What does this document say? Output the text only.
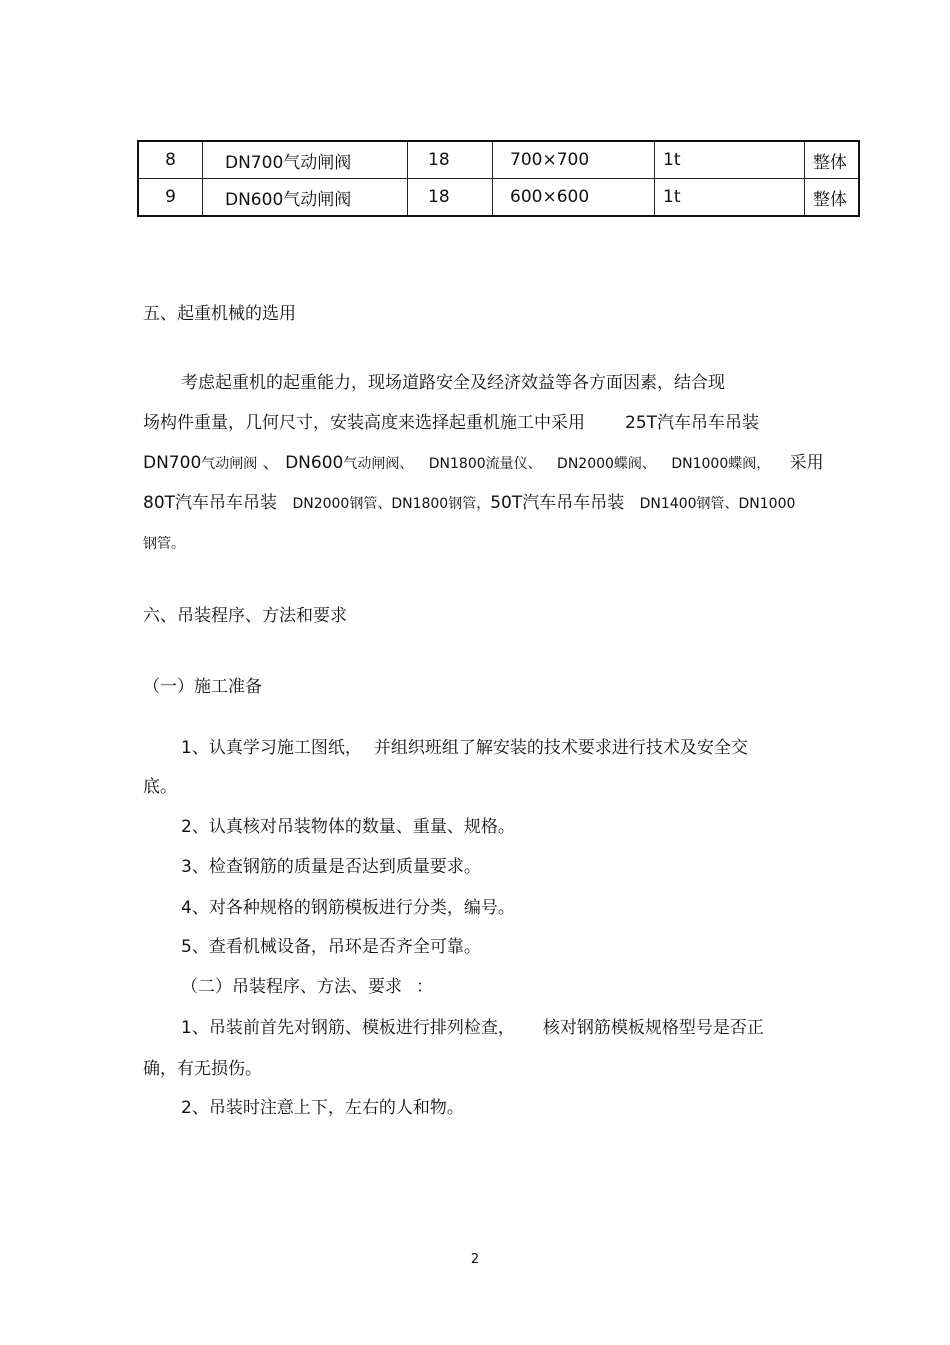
8	DN700气动闸阀	18	700×700	1t	整体
9	DN600气动闸阀	18	600×600	1t	整体
五、起重机械的选用
考虑起重机的起重能力，现场道路安全及经济效益等各方面因素，结合现
场构件重量，几何尺寸，安装高度来选择起重机施工中采用 25T汽车吊车吊装
DN700气动闸阀 、 DN600气动闸阀、 DN1800流量仪、 DN2000蝶阀、 DN1000蝶阀， 采用
80T汽车吊车吊装 DN2000钢管、DN1800钢管，50T汽车吊车吊装 DN1400钢管、DN1000
钢管。
六、吊装程序、方法和要求
（一）施工准备
1、认真学习施工图纸， 并组织班组了解安装的技术要求进行技术及安全交
底。
2、认真核对吊装物体的数量、重量、规格。
3、检查钢筋的质量是否达到质量要求。
4、对各种规格的钢筋模板进行分类，编号。
5、查看机械设备，吊环是否齐全可靠。
（二）吊装程序、方法、要求 ：
1、吊装前首先对钢筋、模板进行排列检查， 核对钢筋模板规格型号是否正
确，有无损伤。
2、吊装时注意上下，左右的人和物。
2
